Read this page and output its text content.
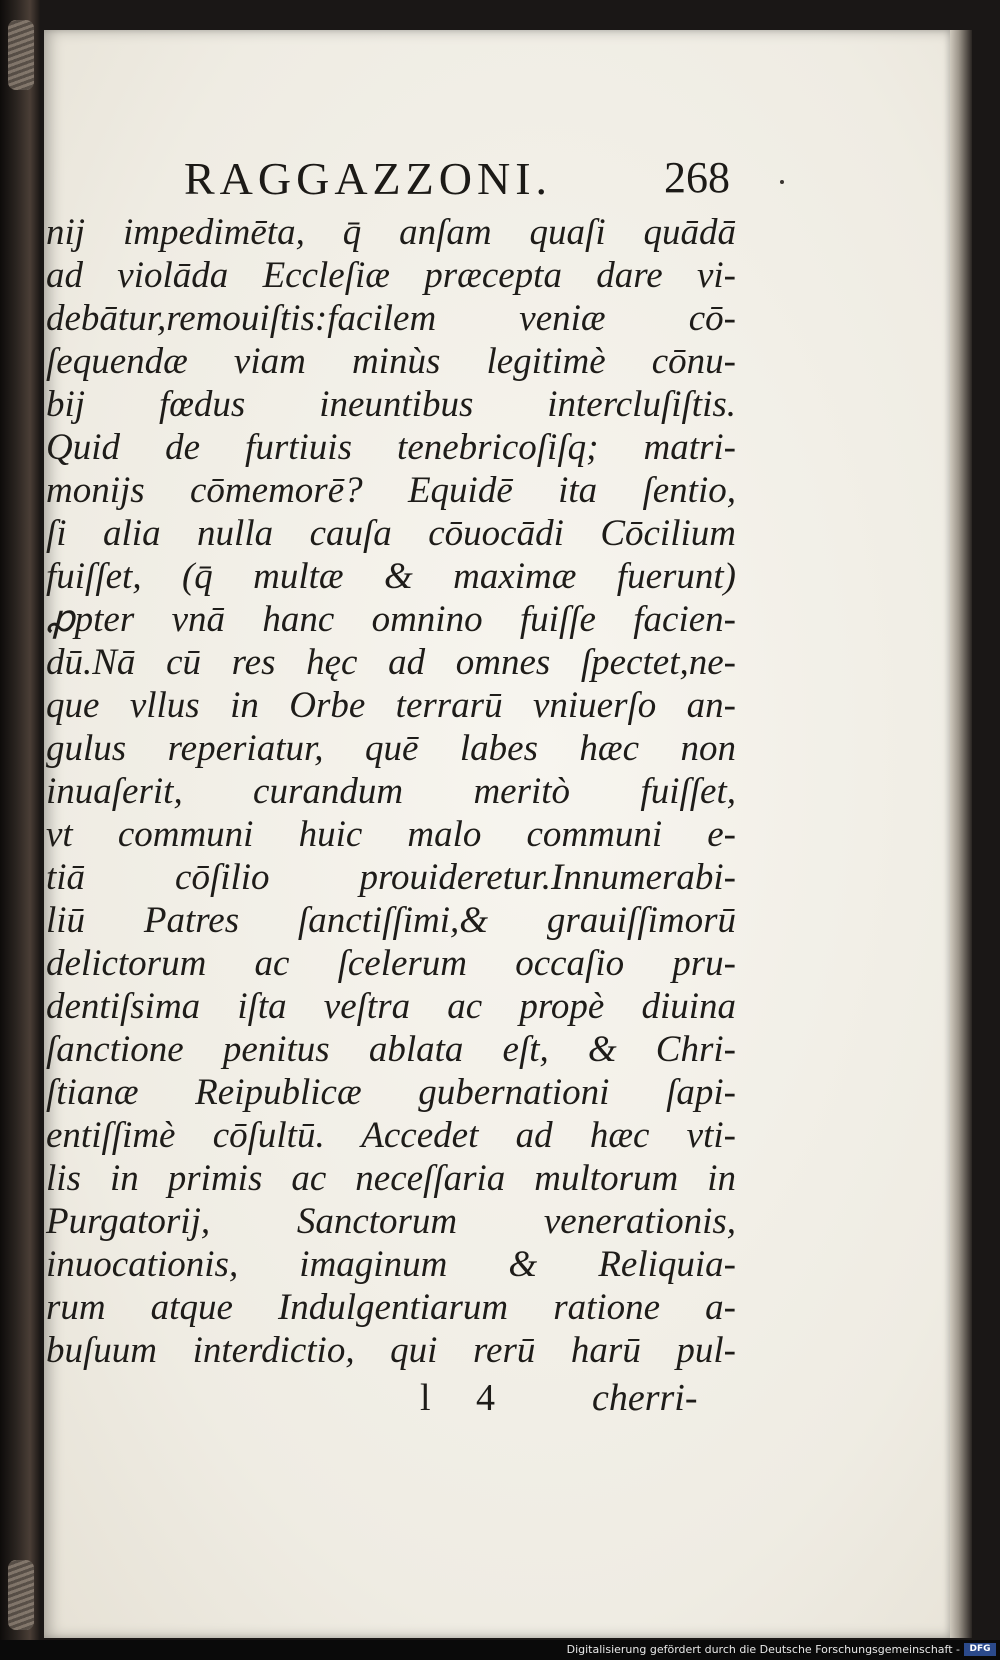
RAGGAZZONI.	268
nij impedimēta, q̄ anſam quaſi quādā
ad violāda Eccleſiæ præcepta dare vi-
debātur,remouiſtis:facilem veniæ cō-
ſequendæ viam minùs legitimè cōnu-
bij fœdus ineuntibus intercluſiſtis.
Quid de furtiuis tenebricoſiſq; matri-
monijs cōmemorē? Equidē ita ſentio,
ſi alia nulla cauſa cōuocādi Cōcilium
fuiſſet, (q̄ multæ & maximæ fuerunt)
ꝓpter vnā hanc omnino fuiſſe facien-
dū.Nā cū res hęc ad omnes ſpectet,ne-
que vllus in Orbe terrarū vniuerſo an-
gulus reperiatur, quē labes hæc non
inuaſerit, curandum meritò fuiſſet,
vt communi huic malo communi e-
tiā cōſilio prouideretur.Innumerabi-
liū Patres ſanctiſſimi,& grauiſſimorū
delictorum ac ſcelerum occaſio pru-
dentiſsima iſta veſtra ac propè diuina
ſanctione penitus ablata eſt, & Chri-
ſtianæ Reipublicæ gubernationi ſapi-
entiſſimè cōſultū. Accedet ad hæc vti-
lis in primis ac neceſſaria multorum in
Purgatorij, Sanctorum venerationis,
inuocationis, imaginum & Reliquia-
rum atque Indulgentiarum ratione a-
buſuum interdictio, qui rerū harū pul-
l 4 cherri-
Digitalisierung gefördert durch die Deutsche Forschungsgemeinschaft -	DFG
